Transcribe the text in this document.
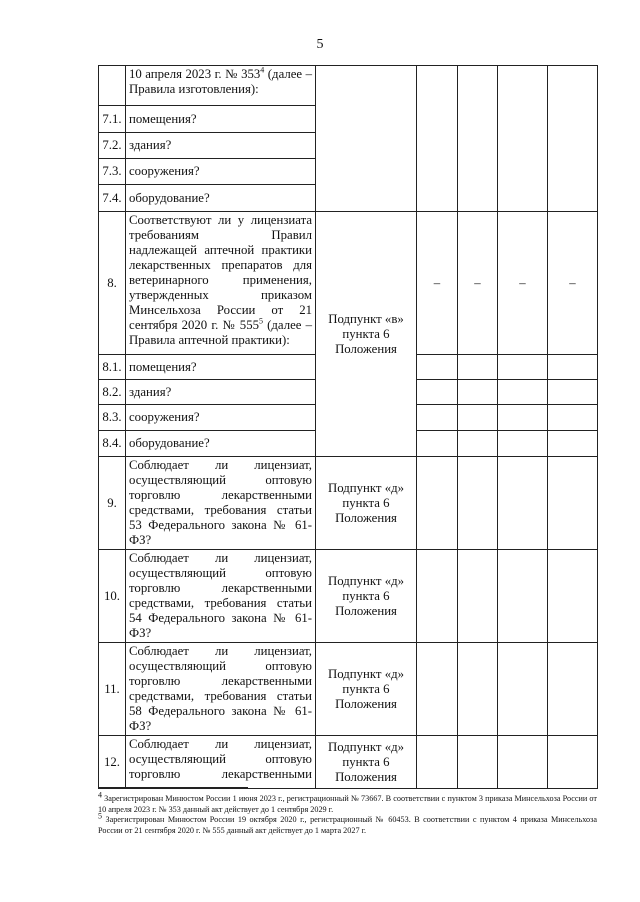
5
	10 апреля 2023 г. № $353^4$ (далее – Правила изготовления):					
7.1.	помещения?					
7.2.	здания?					
7.3.	сооружения?					
7.4.	оборудование?					
8.	Соответствуют ли у лицензиата требованиям Правил надлежащей аптечной практики лекарственных препаратов для ветеринарного применения, утвержденных приказом Минсельхоза России от 21 сентября 2020 г. № $555^5$ (далее – Правила аптечной практики):	Подпункт «в» пункта 6 Положения	–	–	–	–
8.1.	помещения?					
8.2.	здания?					
8.3.	сооружения?					
8.4.	оборудование?					
9.	Соблюдает ли лицензиат, осуществляющий оптовую торговлю лекарственными средствами, требования статьи 53 Федерального закона № 61-ФЗ?	Подпункт «д» пункта 6 Положения				
10.	Соблюдает ли лицензиат, осуществляющий оптовую торговлю лекарственными средствами, требования статьи 54 Федерального закона № 61-ФЗ?	Подпункт «д» пункта 6 Положения				
11.	Соблюдает ли лицензиат, осуществляющий оптовую торговлю лекарственными средствами, требования статьи 58 Федерального закона № 61-ФЗ?	Подпункт «д» пункта 6 Положения				
12.	Соблюдает ли лицензиат, осуществляющий оптовую торговлю лекарственными	Подпункт «д» пункта 6 Положения				

4 Зарегистрирован Минюстом России 1 июня 2023 г., регистрационный № 73667. В соответствии с пунктом 3 приказа Минсельхоза России от 10 апреля 2023 г. № 353 данный акт действует до 1 сентября 2029 г.

5 Зарегистрирован Минюстом России 19 октября 2020 г., регистрационный № 60453. В соответствии с пунктом 4 приказа Минсельхоза России от 21 сентября 2020 г. № 555 данный акт действует до 1 марта 2027 г.
